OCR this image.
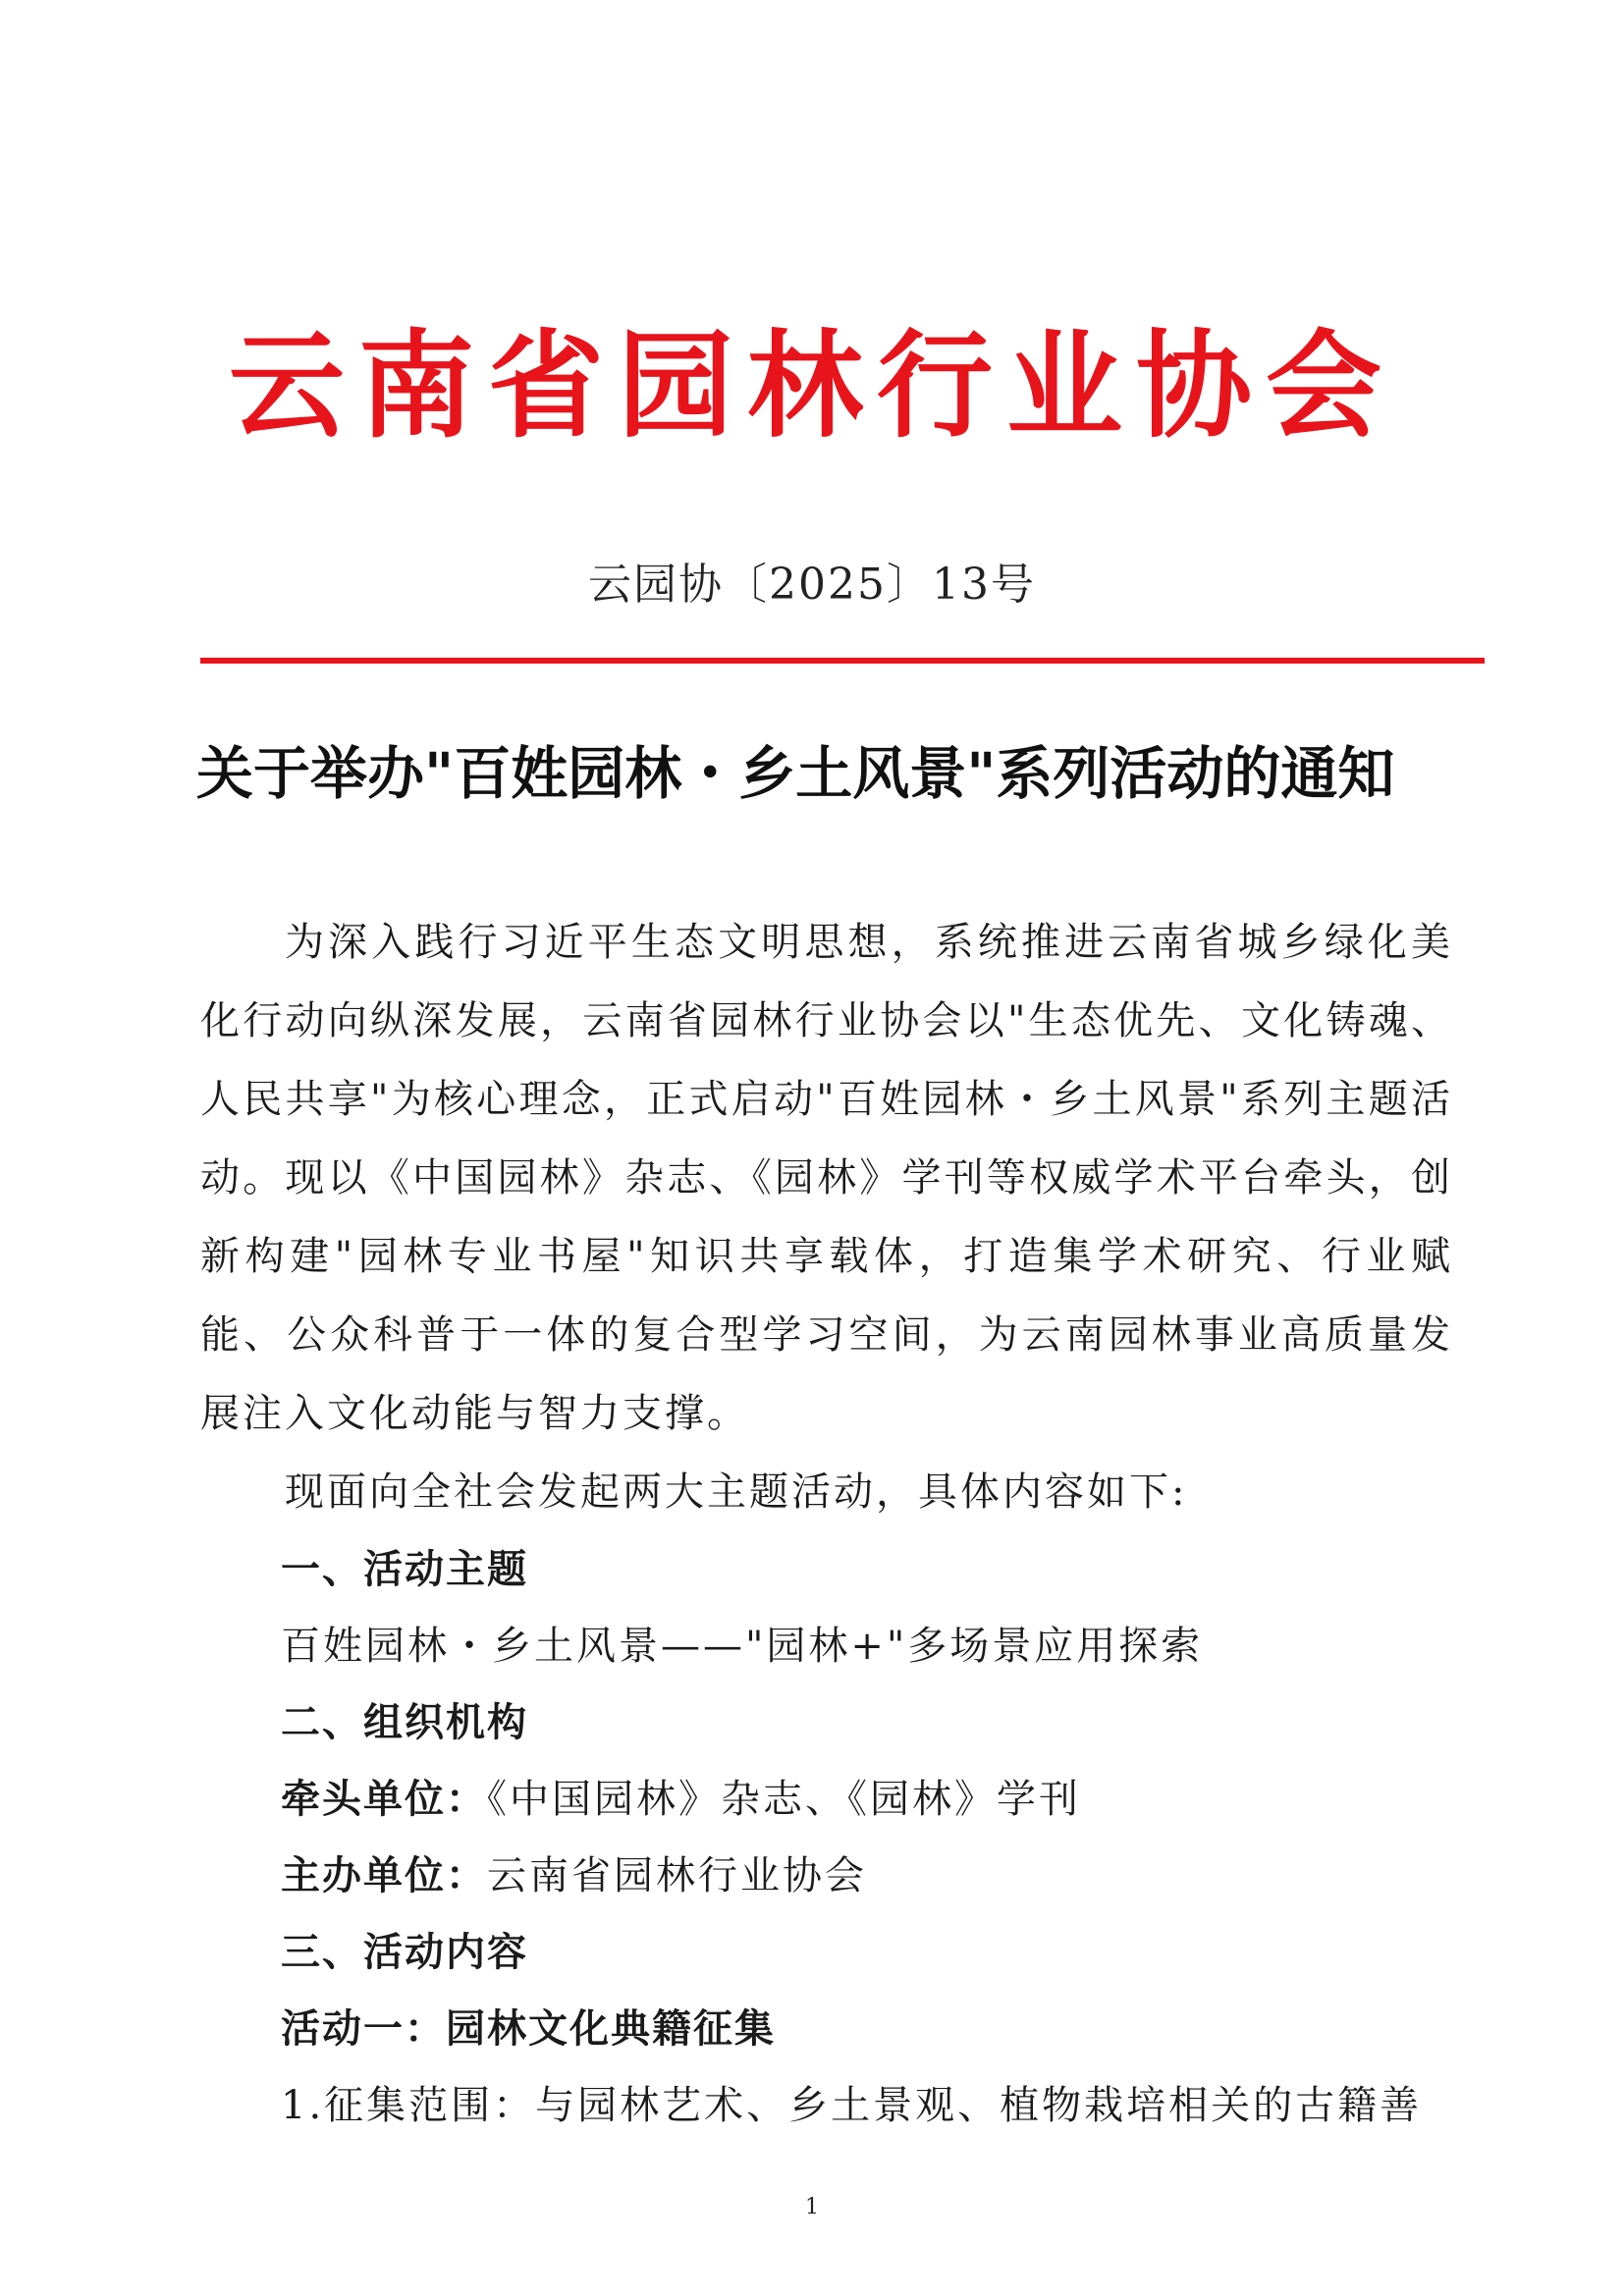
云南省园林行业协会
云园协〔2025〕13号
关于举办"百姓园林・乡土风景"系列活动的通知

为深入践行习近平生态文明思想，系统推进云南省城乡绿化美化行动向纵深发展，云南省园林行业协会以"生态优先、文化铸魂、人民共享"为核心理念，正式启动"百姓园林・乡土风景"系列主题活动。现以《中国园林》杂志、《园林》学刊等权威学术平台牵头，创新构建"园林专业书屋"知识共享载体，打造集学术研究、行业赋能、公众科普于一体的复合型学习空间，为云南园林事业高质量发展注入文化动能与智力支撑。

现面向全社会发起两大主题活动，具体内容如下:

一、活动主题

百姓园林・乡土风景——"园林+"多场景应用探索

二、组织机构

牵头单位：《中国园林》杂志、《园林》学刊

主办单位：云南省园林行业协会

三、活动内容

活动一：园林文化典籍征集

1.征集范围：与园林艺术、乡土景观、植物栽培相关的古籍善

1
